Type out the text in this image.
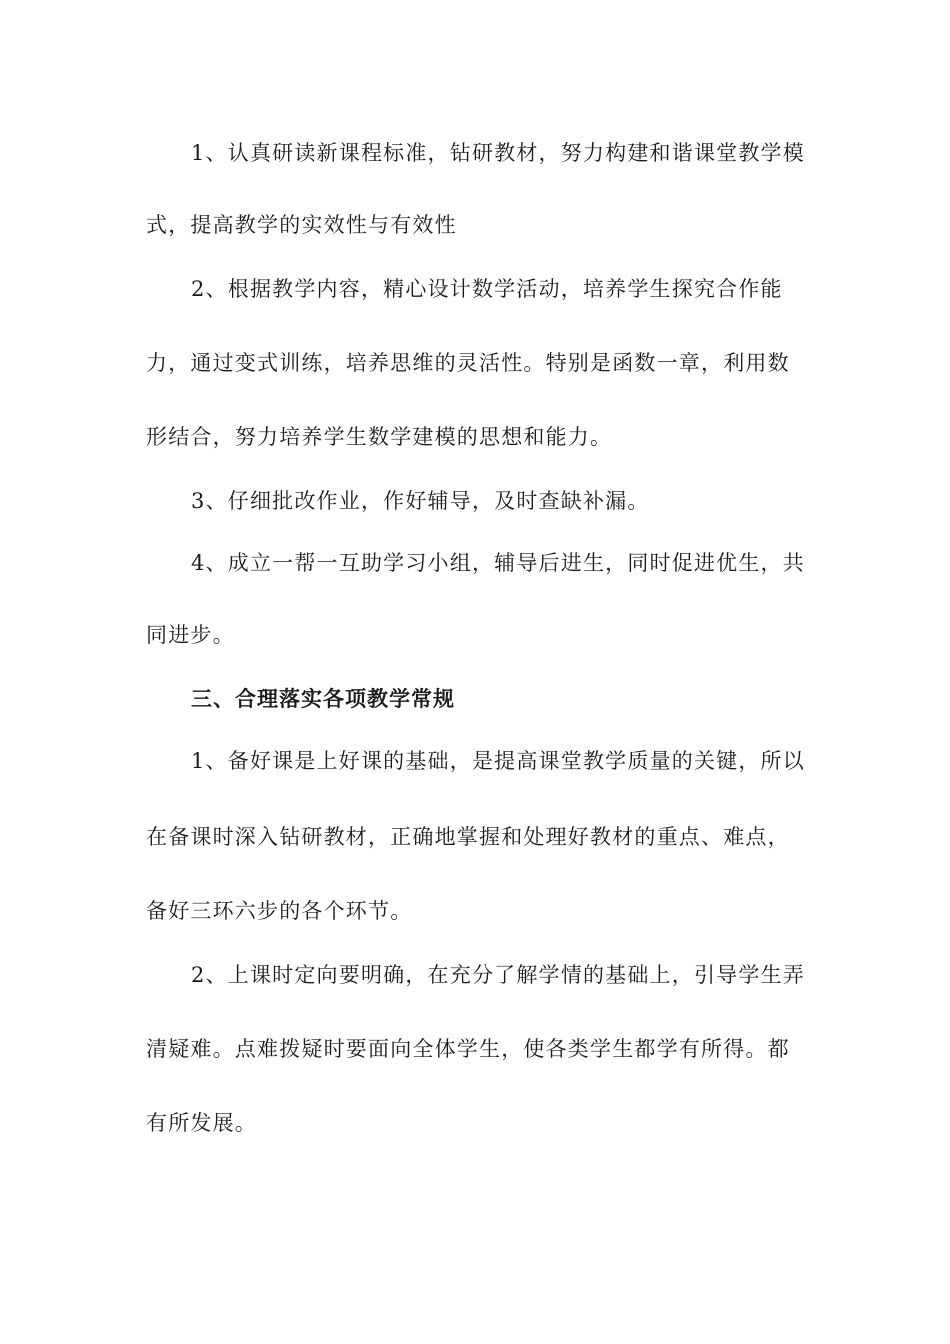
1、认真研读新课程标准，钻研教材，努力构建和谐课堂教学模
式，提高教学的实效性与有效性
2、根据教学内容，精心设计数学活动，培养学生探究合作能
力，通过变式训练，培养思维的灵活性。特别是函数一章，利用数
形结合，努力培养学生数学建模的思想和能力。
3、仔细批改作业，作好辅导，及时查缺补漏。
4、成立一帮一互助学习小组，辅导后进生，同时促进优生，共
同进步。
三、合理落实各项教学常规
1、备好课是上好课的基础，是提高课堂教学质量的关键，所以
在备课时深入钻研教材，正确地掌握和处理好教材的重点、难点，
备好三环六步的各个环节。
2、上课时定向要明确，在充分了解学情的基础上，引导学生弄
清疑难。点难拨疑时要面向全体学生，使各类学生都学有所得。都
有所发展。
